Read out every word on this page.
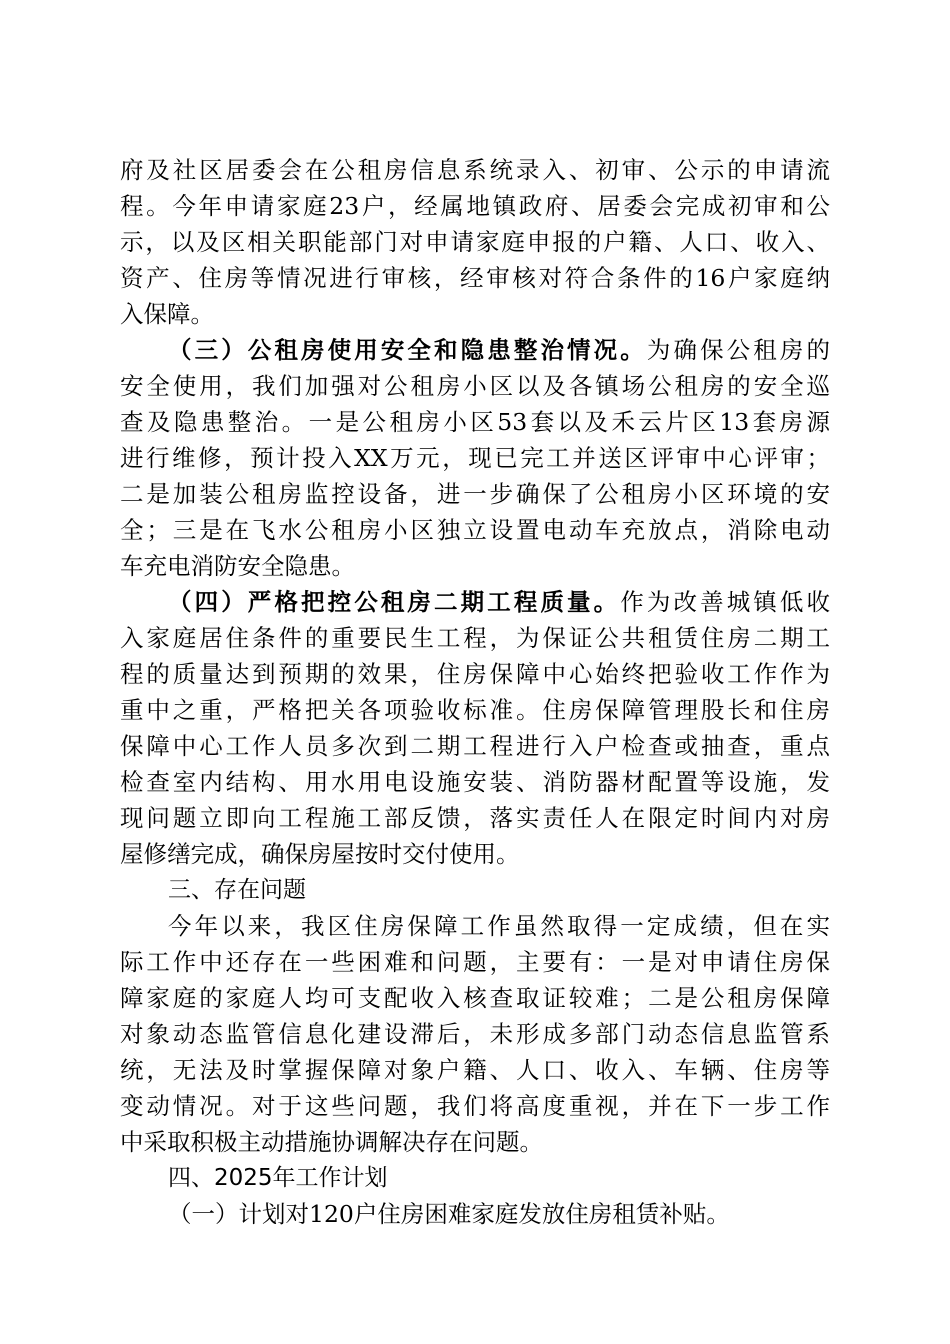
府及社区居委会在公租房信息系统录入、初审、公示的申请流
程。今年申请家庭23户，经属地镇政府、居委会完成初审和公
示，以及区相关职能部门对申请家庭申报的户籍、人口、收入、
资产、住房等情况进行审核，经审核对符合条件的16户家庭纳
入保障。
（三）公租房使用安全和隐患整治情况。为确保公租房的
安全使用，我们加强对公租房小区以及各镇场公租房的安全巡
查及隐患整治。一是公租房小区53套以及禾云片区13套房源
进行维修，预计投入XX万元，现已完工并送区评审中心评审；
二是加装公租房监控设备，进一步确保了公租房小区环境的安
全；三是在飞水公租房小区独立设置电动车充放点，消除电动
车充电消防安全隐患。
（四）严格把控公租房二期工程质量。作为改善城镇低收
入家庭居住条件的重要民生工程，为保证公共租赁住房二期工
程的质量达到预期的效果，住房保障中心始终把验收工作作为
重中之重，严格把关各项验收标准。住房保障管理股长和住房
保障中心工作人员多次到二期工程进行入户检查或抽查，重点
检查室内结构、用水用电设施安装、消防器材配置等设施，发
现问题立即向工程施工部反馈，落实责任人在限定时间内对房
屋修缮完成，确保房屋按时交付使用。
三、存在问题
今年以来，我区住房保障工作虽然取得一定成绩，但在实
际工作中还存在一些困难和问题，主要有：一是对申请住房保
障家庭的家庭人均可支配收入核查取证较难；二是公租房保障
对象动态监管信息化建设滞后，未形成多部门动态信息监管系
统，无法及时掌握保障对象户籍、人口、收入、车辆、住房等
变动情况。对于这些问题，我们将高度重视，并在下一步工作
中采取积极主动措施协调解决存在问题。
四、2025年工作计划
（一）计划对120户住房困难家庭发放住房租赁补贴。
